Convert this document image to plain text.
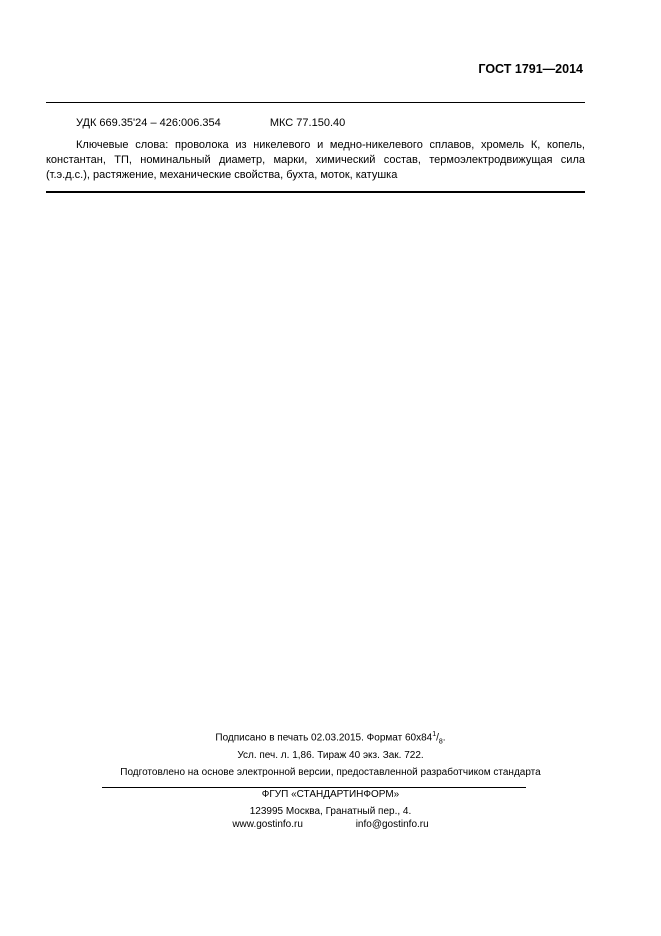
ГОСТ 1791—2014
УДК 669.35'24 – 426:006.354	МКС 77.150.40
Ключевые слова: проволока из никелевого и медно-никелевого сплавов, хромель К, копель, константан, ТП, номинальный диаметр, марки, химический состав, термоэлектродвижущая сила (т.э.д.с.), растяжение, механические свойства, бухта, моток, катушка
Подписано в печать 02.03.2015. Формат $60x84^1/_8$.
Усл. печ. л. 1,86. Тираж 40 экз. Зак. 722.
Подготовлено на основе электронной версии, предоставленной разработчиком стандарта
ФГУП «СТАНДАРТИНФОРМ»
123995 Москва, Гранатный пер., 4.
www.gostinfo.ru	info@gostinfo.ru
